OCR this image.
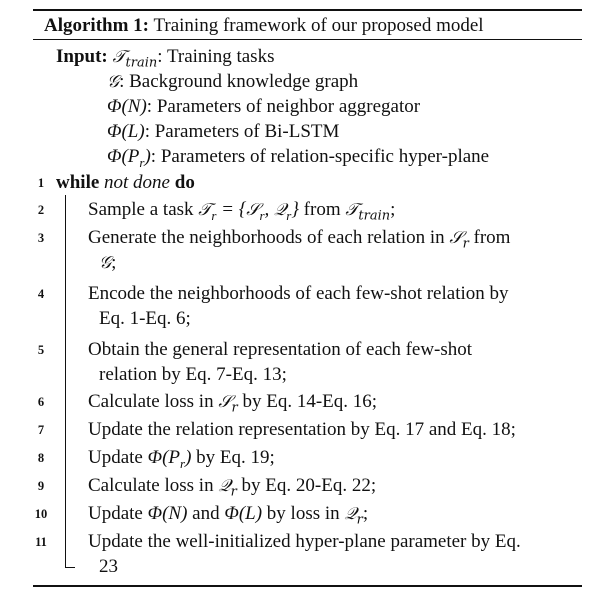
Algorithm 1: Training framework of our proposed model
Input: 𝒯$_{train}$: Training tasks
𝒢: Background knowledge graph
Φ(N): Parameters of neighbor aggregator
Φ(L): Parameters of Bi-LSTM
$\Phi(P_r)$: Parameters of relation-specific hyper-plane
1 while not done do
2	Sample a task 𝒯$_r$ = {𝒮$_r$, 𝒬$_r$} from 𝒯$_{train}$;
3	Generate the neighborhoods of each relation in 𝒮$_r$ from
𝒢;
4	Encode the neighborhoods of each few-shot relation by
Eq. 1-Eq. 6;
5	Obtain the general representation of each few-shot
relation by Eq. 7-Eq. 13;
6	Calculate loss in 𝒮$_r$ by Eq. 14-Eq. 16;
7	Update the relation representation by Eq. 17 and Eq. 18;
8	Update $\Phi(P_r)$ by Eq. 19;
9	Calculate loss in 𝒬$_r$ by Eq. 20-Eq. 22;
10 Update Φ(N) and Φ(L) by loss in 𝒬$_r$;
11 Update the well-initialized hyper-plane parameter by Eq.
23
